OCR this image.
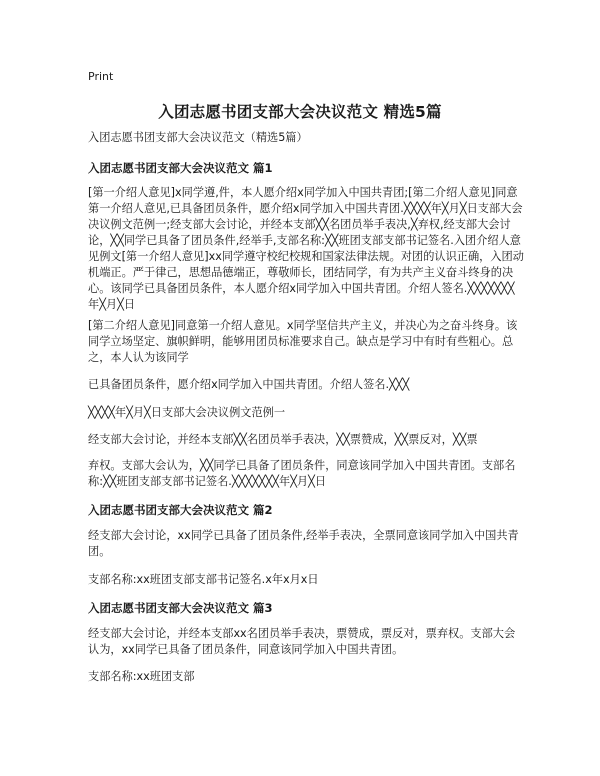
Print
入团志愿书团支部大会决议范文 精选5篇
入团志愿书团支部大会决议范文（精选5篇）
入团志愿书团支部大会决议范文 篇1
[第一介绍人意见]x同学遵,件，本人愿介绍x同学加入中国共青团;[第二介绍人意见]同意第一介绍人意见,已具备团员条件，愿介绍x同学加入中国共青团.╳╳╳╳年╳月╳日支部大会决议例文范例一;经支部大会讨论，并经本支部╳╳名团员举手表决,╳弃权,经支部大会讨论，╳╳同学已具备了团员条件,经举手,支部名称:╳╳班团支部支部书记签名.入团介绍人意见例文[第一介绍人意见]xx同学遵守校纪校规和国家法律法规。对团的认识正确，入团动机端正。严于律己，思想品德端正，尊敬师长，团结同学，有为共产主义奋斗终身的决心。该同学已具备团员条件，本人愿介绍x同学加入中国共青团。介绍人签名.╳╳╳╳╳╳╳年╳月╳日
[第二介绍人意见]同意第一介绍人意见。x同学坚信共产主义，并决心为之奋斗终身。该同学立场坚定、旗帜鲜明，能够用团员标准要求自己。缺点是学习中有时有些粗心。总之，本人认为该同学
已具备团员条件，愿介绍x同学加入中国共青团。介绍人签名.╳╳╳
╳╳╳╳年╳月╳日支部大会决议例文范例一
经支部大会讨论，并经本支部╳╳名团员举手表决，╳╳票赞成，╳╳票反对，╳╳票
弃权。支部大会认为，╳╳同学已具备了团员条件，同意该同学加入中国共青团。支部名称:╳╳班团支部支部书记签名.╳╳╳╳╳╳╳年╳月╳日
入团志愿书团支部大会决议范文 篇2
经支部大会讨论，xx同学已具备了团员条件,经举手表决，全票同意该同学加入中国共青团。
支部名称:xx班团支部支部书记签名.x年x月x日
入团志愿书团支部大会决议范文 篇3
经支部大会讨论，并经本支部xx名团员举手表决，票赞成，票反对，票弃权。支部大会认为，xx同学已具备了团员条件，同意该同学加入中国共青团。
支部名称:xx班团支部
